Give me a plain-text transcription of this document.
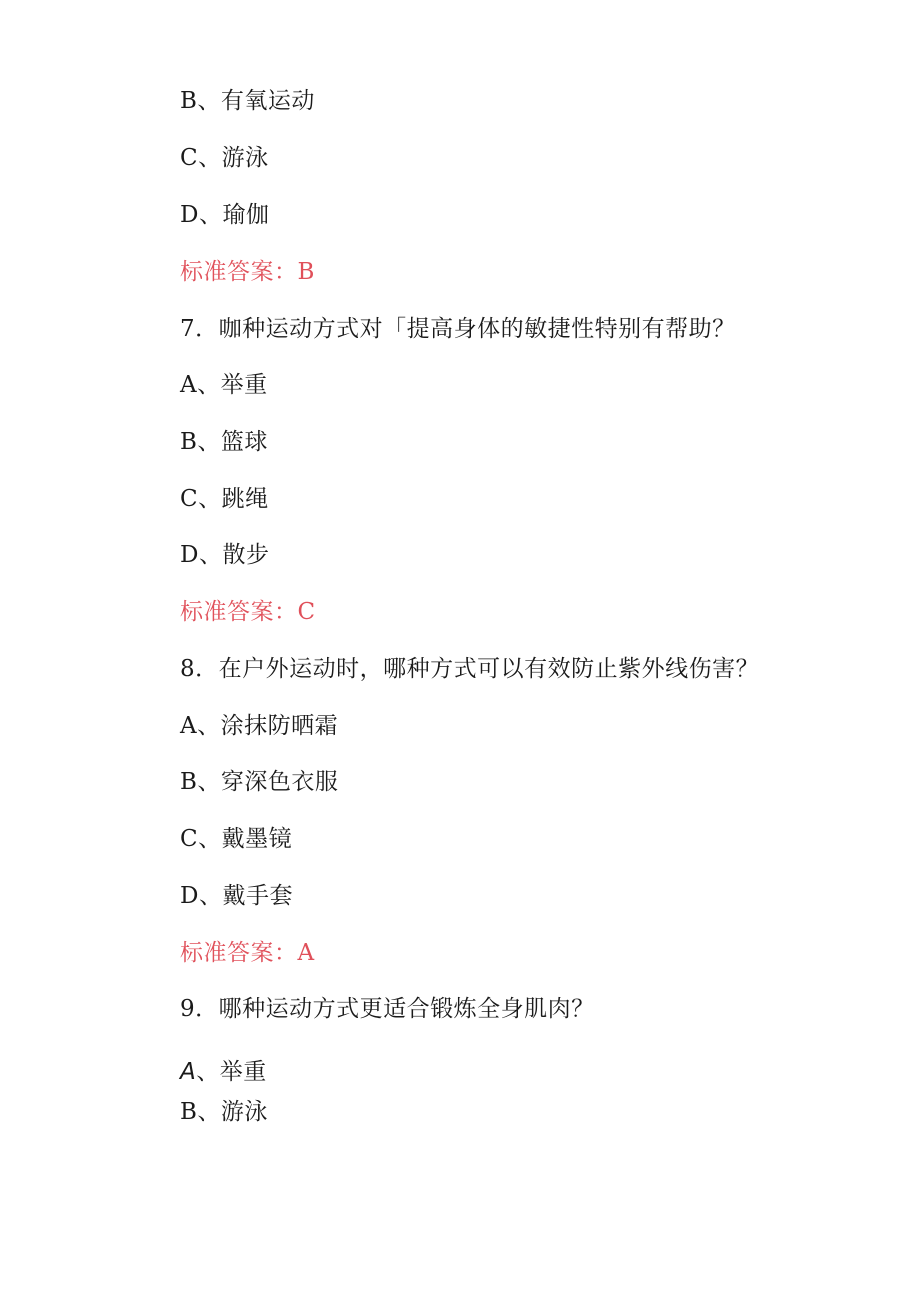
B、有氧运动
C、游泳
D、瑜伽
标准答案：B
7．咖种运动方式对「提高身体的敏捷性特别有帮助？
A、举重
B、篮球
C、跳绳
D、散步
标准答案：C
8．在户外运动时，哪种方式可以有效防止紫外线伤害？
A、涂抹防晒霜
B、穿深色衣服
C、戴墨镜
D、戴手套
标准答案：A
9．哪种运动方式更适合锻炼全身肌肉？
A、举重
B、游泳
